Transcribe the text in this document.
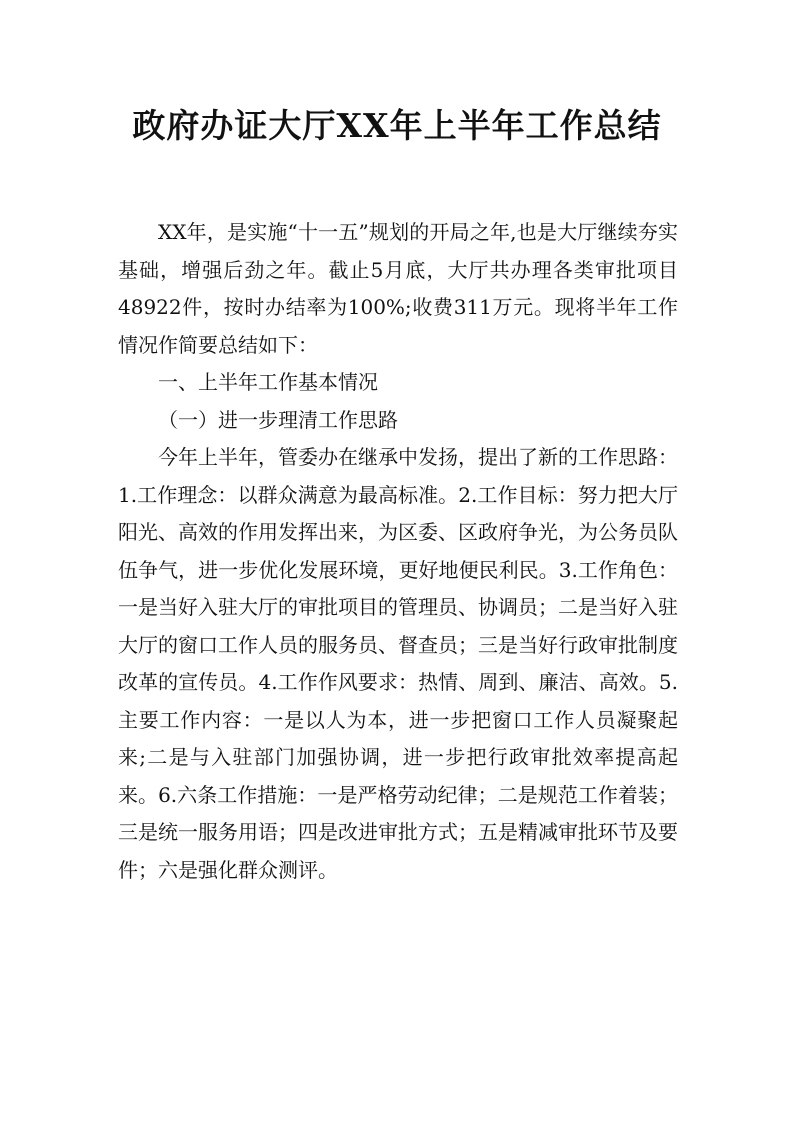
政府办证大厅XX年上半年工作总结

XX年，是实施“十一五”规划的开局之年,也是大厅继续夯实基础，增强后劲之年。截止5月底，大厅共办理各类审批项目48922件，按时办结率为100%;收费311万元。现将半年工作情况作简要总结如下：

一、上半年工作基本情况

（一）进一步理清工作思路

今年上半年，管委办在继承中发扬，提出了新的工作思路：1.工作理念：以群众满意为最高标准。2.工作目标：努力把大厅阳光、高效的作用发挥出来，为区委、区政府争光，为公务员队伍争气，进一步优化发展环境，更好地便民利民。3.工作角色：一是当好入驻大厅的审批项目的管理员、协调员；二是当好入驻大厅的窗口工作人员的服务员、督查员；三是当好行政审批制度改革的宣传员。4.工作作风要求：热情、周到、廉洁、高效。5.主要工作内容：一是以人为本，进一步把窗口工作人员凝聚起来;二是与入驻部门加强协调，进一步把行政审批效率提高起来。6.六条工作措施：一是严格劳动纪律；二是规范工作着装；三是统一服务用语；四是改进审批方式；五是精减审批环节及要件；六是强化群众测评。
